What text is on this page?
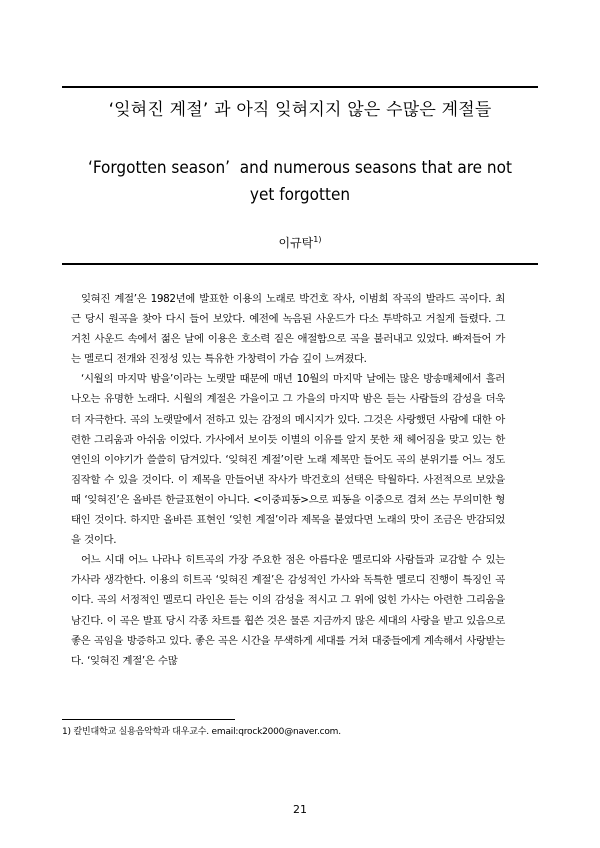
‘잊혀진 계절’ 과 아직 잊혀지지 않은 수많은 계절들
‘Forgotten season’  and numerous seasons that are not
yet forgotten
이규탁$^{1)}$

잊혀진 계절’은 1982년에 발표한 이용의 노래로 박건호 작사, 이범희 작곡의 발라드 곡이다. 최근 당시 원곡을 찾아 다시 들어 보았다. 예전에 녹음된 사운드가 다소 투박하고 거칠게 들렸다. 그 거친 사운드 속에서 젊은 날에 이용은 호소력 짙은 애절함으로 곡을 불러내고 있었다. 빠져들어 가는 멜로디 전개와 진정성 있는 특유한 가창력이 가슴 깊이 느껴졌다.

‘시월의 마지막 밤을’이라는 노랫말 때문에 매년 10월의 마지막 날에는 많은 방송매체에서 흘러나오는 유명한 노래다. 시월의 계절은 가을이고 그 가을의 마지막 밤은 듣는 사람들의 감성을 더욱더 자극한다. 곡의 노랫말에서 전하고 있는 감정의 메시지가 있다. 그것은 사랑했던 사람에 대한 아련한 그리움과 아쉬움 이었다. 가사에서 보이듯 이별의 이유를 알지 못한 채 헤어짐을 맞고 있는 한 연인의 이야기가 쓸쓸히 담겨있다. ‘잊혀진 계절’이란 노래 제목만 들어도 곡의 분위기를 어느 정도 짐작할 수 있을 것이다. 이 제목을 만들어낸 작사가 박건호의 선택은 탁월하다. 사전적으로 보았을 때 ‘잊혀진’은 올바른 한글표현이 아니다. <이중피동>으로 피동을 이중으로 겹쳐 쓰는 무의미한 형태인 것이다. 하지만 올바른 표현인 ‘잊힌 계절’이라 제목을 붙였다면 노래의 맛이 조금은 반감되었을 것이다.

어느 시대 어느 나라나 히트곡의 가장 주요한 점은 아름다운 멜로디와 사람들과 교감할 수 있는 가사라 생각한다. 이용의 히트곡 ‘잊혀진 계절’은 감성적인 가사와 독특한 멜로디 진행이 특징인 곡이다. 곡의 서정적인 멜로디 라인은 듣는 이의 감성을 적시고 그 위에 얹힌 가사는 아련한 그리움을 남긴다. 이 곡은 발표 당시 각종 차트를 휩쓴 것은 물론 지금까지 많은 세대의 사랑을 받고 있음으로 좋은 곡임을 방증하고 있다. 좋은 곡은 시간을 무색하게 세대를 거쳐 대중들에게 계속해서 사랑받는다. ‘잊혀진 계절’은 수많

1) 칼빈대학교 실용음악학과 대우교수. email:qrock2000@naver.com.
21
